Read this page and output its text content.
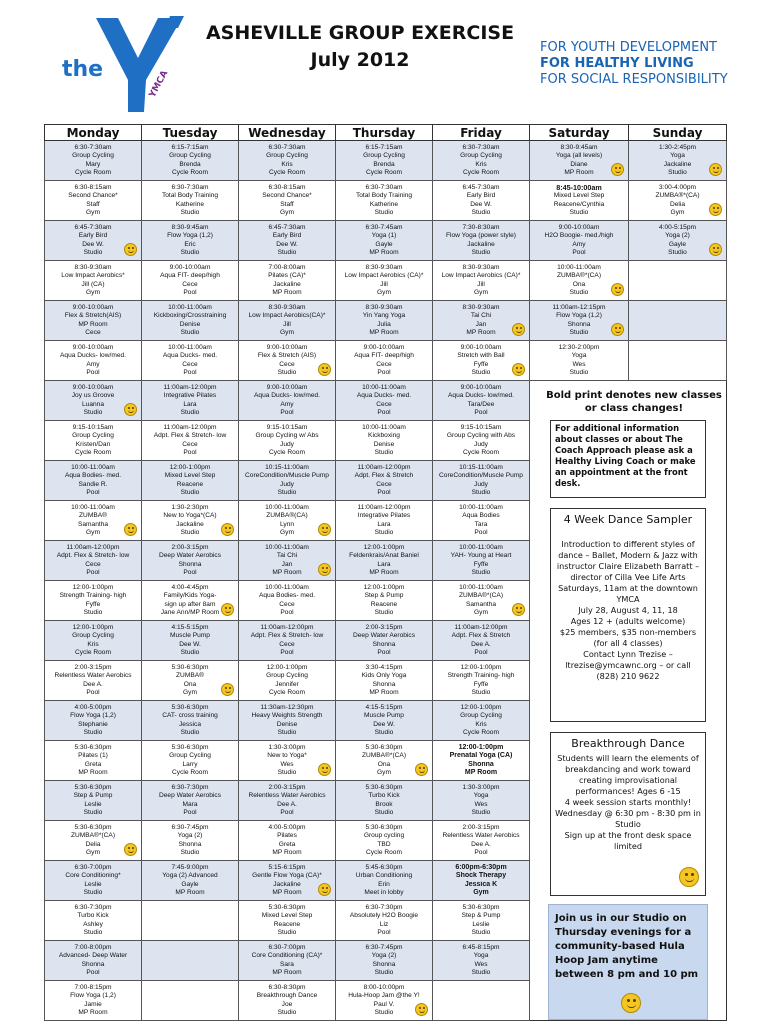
the	YMCA
ASHEVILLE GROUP EXERCISE
July 2012
FOR YOUTH DEVELOPMENT
FOR HEALTHY LIVING
FOR SOCIAL RESPONSIBILITY
Monday	Tuesday	Wednesday	Thursday	Friday	Saturday	Sunday

6:30-7:30am
Group Cycling
Mary
Cycle Room	6:15-7:15am
Group Cycling
Brenda
Cycle Room	6:30-7:30am
Group Cycling
Kris
Cycle Room	6:15-7:15am
Group Cycling
Brenda
Cycle Room	6:30-7:30am
Group Cycling
Kris
Cycle Room	8:30-9:45am
Yoga (all levels)
Diane
MP Room	1:30-2:45pm
Yoga
Jackaline
Studio

6:30-8:15am
Second Chance*
Staff
Gym	6:30-7:30am
Total Body Training
Katherine
Studio	6:30-8:15am
Second Chance*
Staff
Gym	6:30-7:30am
Total Body Training
Katherine
Studio	6:45-7:30am
Early Bird
Dee W.
Studio	8:45-10:00am
Mixed Level Step
Reacene/Cynthia
Studio	3:00-4:00pm
ZUMBA®*(CA)
Delia
Gym

6:45-7:30am
Early Bird
Dee W.
Studio	8:30-9:45am
Flow Yoga (1,2)
Eric
Studio	6:45-7:30am
Early Bird
Dee W.
Studio	6:30-7:45am
Yoga (1)
Gayle
MP Room	7:30-8:30am
Flow Yoga (power style)
Jackaline
Studio	9:00-10:00am
H2O Boogie- med./high
Amy
Pool	4:00-5:15pm
Yoga (2)
Gayle
Studio

8:30-9:30am
Low Impact Aerobics*
Jill (CA)
Gym	9:00-10:00am
Aqua FIT- deep/high
Cece
Pool	7:00-8:00am
Pilates (CA)*
Jackaline
MP Room	8:30-9:30am
Low Impact Aerobics (CA)*
Jill
Gym	8:30-9:30am
Low Impact Aerobics (CA)*
Jill
Gym	10:00-11:00am
ZUMBA®*(CA)
Ona
Studio	

9:00-10:00am
Flex & Stretch(AIS)
MP Room
Cece	10:00-11:00am
Kickboxing/Crosstraining
Denise
Studio	8:30-9:30am
Low Impact Aerobics(CA)*
Jill
Gym	8:30-9:30am
Yin Yang Yoga
Julia
MP Room	8:30-9:30am
Tai Chi
Jan
MP Room	11:00am-12:15pm
Flow Yoga (1,2)
Shonna
Studio	

9:00-10:00am
Aqua Ducks- low/med.
Amy
Pool	10:00-11:00am
Aqua Ducks- med.
Cece
Pool	9:00-10:00am
Flex & Stretch (AIS)
Cece
Studio	9:00-10:00am
Aqua FIT- deep/high
Cece
Pool	9:00-10:00am
Stretch with Ball
Fyffe
Studio	12:30-2:00pm
Yoga
Wes
Studio	

9:00-10:00am
Joy us Groove
Luanna
Studio	11:00am-12:00pm
Integrative Pilates
Lara
Studio	9:00-10:00am
Aqua Ducks- low/med.
Amy
Pool	10:00-11:00am
Aqua Ducks- med.
Cece
Pool	9:00-10:00am
Aqua Ducks- low/med.
Tara/Dee
Pool		

9:15-10:15am
Group Cycling
Kristen/Dan
Cycle Room	11:00am-12:00pm
Adpt. Flex & Stretch- low
Cece
Pool	9:15-10:15am
Group Cycling w/ Abs
Judy
Cycle Room	10:00-11:00am
Kickboxing
Denise
Studio	9:15-10:15am
Group Cycling with Abs
Judy
Cycle Room		

10:00-11:00am
Aqua Bodies- med.
Sandie R.
Pool	12:00-1:00pm
Mixed Level Step
Reacene
Studio	10:15-11:00am
CoreCondition/Muscle Pump
Judy
Studio	11:00am-12:00pm
Adpt. Flex & Stretch
Cece
Pool	10:15-11:00am
CoreCondition/Muscle Pump
Judy
Studio		

10:00-11:00am
ZUMBA®
Samantha
Gym	1:30-2:30pm
New to Yoga*(CA)
Jackaline
Studio	10:00-11:00am
ZUMBA®(CA)
Lynn
Gym	11:00am-12:00pm
Integrative Pilates
Lara
Studio	10:00-11:00am
Aqua Bodies
Tara
Pool		

11:00am-12:00pm
Adpt. Flex & Stretch- low
Cece
Pool	2:00-3:15pm
Deep Water Aerobics
Shonna
Pool	10:00-11:00am
Tai Chi
Jan
MP Room	12:00-1:00pm
Feldenkrais/Anat Baniel
Lara
MP Room	10:00-11:00am
YAH- Young at Heart
Fyffe
Studio		

12:00-1:00pm
Strength Training- high
Fyffe
Studio	4:00-4:45pm
Family/Kids Yoga-
sign up after 8am
Jane Ann/MP Room	10:00-11:00am
Aqua Bodies- med.
Cece
Pool	12:00-1:00pm
Step & Pump
Reacene
Studio	10:00-11:00am
ZUMBA®*(CA)
Samantha
Gym		

12:00-1:00pm
Group Cycling
Kris
Cycle Room	4:15-5:15pm
Muscle Pump
Dee W.
Studio	11:00am-12:00pm
Adpt. Flex & Stretch- low
Cece
Pool	2:00-3:15pm
Deep Water Aerobics
Shonna
Pool	11:00am-12:00pm
Adpt. Flex & Stretch
Dee A.
Pool		

2:00-3:15pm
Relentless Water Aerobics
Dee A.
Pool	5:30-6:30pm
ZUMBA®
Ona
Gym	12:00-1:00pm
Group Cycling
Jennifer
Cycle Room	3:30-4:15pm
Kids Only Yoga
Shonna
MP Room	12:00-1:00pm
Strength Training- high
Fyffe
Studio		

4:00-5:00pm
Flow Yoga (1,2)
Stephanie
Studio	5:30-6:30pm
CAT- cross training
Jessica
Studio	11:30am-12:30pm
Heavy Weights Strength
Denise
Studio	4:15-5:15pm
Muscle Pump
Dee W.
Studio	12:00-1:00pm
Group Cycling
Kris
Cycle Room		

5:30-6:30pm
Pilates (1)
Greta
MP Room	5:30-6:30pm
Group Cycling
Larry
Cycle Room	1:30-3:00pm
New to Yoga*
Wes
Studio	5:30-6:30pm
ZUMBA®*(CA)
Ona
Gym	12:00-1:00pm
Prenatal Yoga (CA)
Shonna
MP Room		

5:30-6:30pm
Step & Pump
Leslie
Studio	6:30-7:30pm
Deep Water Aerobics
Mara
Pool	2:00-3:15pm
Relentless Water Aerobics
Dee A.
Pool	5:30-6:30pm
Turbo Kick
Brook
Studio	1:30-3:00pm
Yoga
Wes
Studio		

5:30-6:30pm
ZUMBA®*(CA)
Delia
Gym	6:30-7:45pm
Yoga (2)
Shonna
Studio	4:00-5:00pm
Pilates
Greta
MP Room	5:30-6:30pm
Group cycling
TBD
Cycle Room	2:00-3:15pm
Relentless Water Aerobics
Dee A.
Pool		

6:30-7:00pm
Core Conditioning*
Leslie
Studio	7:45-9:00pm
Yoga (2) Advanced
Gayle
MP Room	5:15-6:15pm
Gentle Flow Yoga (CA)*
Jackaline
MP Room	5:45-6:30pm
Urban Conditioning
Erin
Meet in lobby	6:00pm-6:30pm
Shock Therapy
Jessica K
Gym		

6:30-7:30pm
Turbo Kick
Ashley
Studio		5:30-6:30pm
Mixed Level Step
Reacene
Studio	6:30-7:30pm
Absolutely H2O Boogie
Liz
Pool	5:30-6:30pm
Step & Pump
Leslie
Studio		

7:00-8:00pm
Advanced- Deep Water
Shonna
Pool		6:30-7:00pm
Core Conditioning (CA)*
Sara
MP Room	6:30-7:45pm
Yoga (2)
Shonna
Studio	6:45-8:15pm
Yoga
Wes
Studio		

7:00-8:15pm
Flow Yoga (1,2)
Jamie
MP Room		6:30-8:30pm
Breakthrough Dance
Joe
Studio	8:00-10:00pm
Hula-Hoop Jam @the Y!
Paul V.
Studio			

Bold print denotes new classes or class changes!
For additional information about classes or about The Coach Approach please ask a Healthy Living Coach or make an appointment at the front desk.
4 Week Dance Sampler
Introduction to different styles of dance – Ballet, Modern & Jazz with instructor Claire Elizabeth Barratt – director of Cilla Vee Life Arts
Saturdays, 11am at the downtown YMCA
July 28, August 4, 11, 18
Ages 12 + (adults welcome)
$25 members, $35 non-members (for all 4 classes)
Contact Lynn Trezise – ltrezise@ymcawnc.org – or call (828) 210 9622
Breakthrough Dance
Students will learn the elements of breakdancing and work toward creating improvisational performances! Ages 6 -15
4 week session starts monthly!
Wednesday @ 6:30 pm - 8:30 pm in Studio
Sign up at the front desk space limited
Join us in our Studio on Thursday evenings for a community-based Hula Hoop Jam anytime between 8 pm and 10 pm
